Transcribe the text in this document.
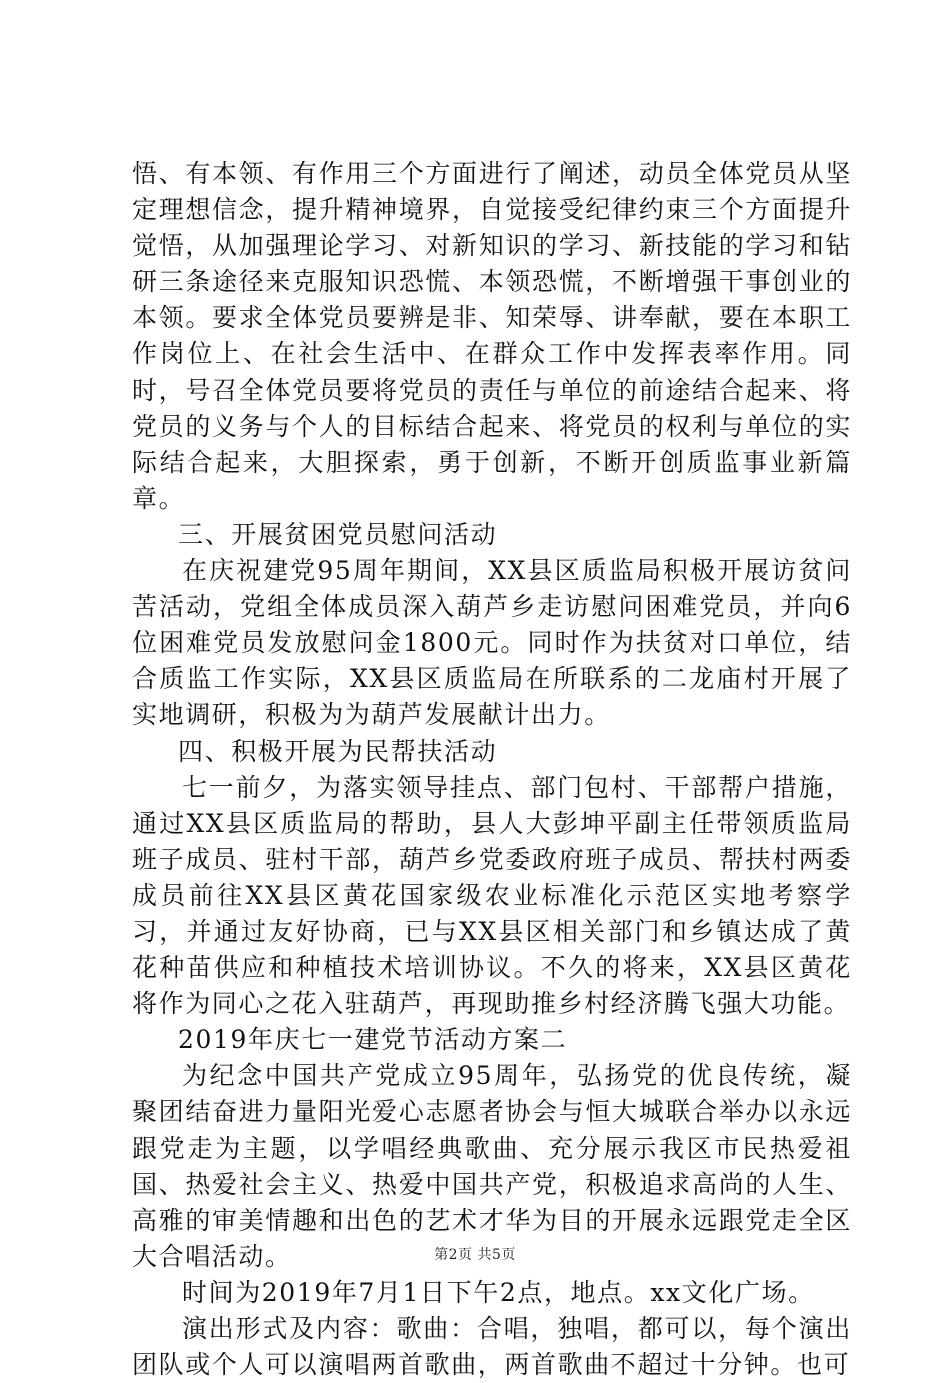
悟、有本领、有作用三个方面进行了阐述，动员全体党员从坚定理想信念，提升精神境界，自觉接受纪律约束三个方面提升觉悟，从加强理论学习、对新知识的学习、新技能的学习和钻研三条途径来克服知识恐慌、本领恐慌，不断增强干事创业的本领。要求全体党员要辨是非、知荣辱、讲奉献，要在本职工作岗位上、在社会生活中、在群众工作中发挥表率作用。同时，号召全体党员要将党员的责任与单位的前途结合起来、将党员的义务与个人的目标结合起来、将党员的权利与单位的实际结合起来，大胆探索，勇于创新，不断开创质监事业新篇章。

三、开展贫困党员慰问活动

在庆祝建党95周年期间，XX县区质监局积极开展访贫问苦活动，党组全体成员深入葫芦乡走访慰问困难党员，并向6位困难党员发放慰问金1800元。同时作为扶贫对口单位，结合质监工作实际，XX县区质监局在所联系的二龙庙村开展了实地调研，积极为为葫芦发展献计出力。

四、积极开展为民帮扶活动

七一前夕，为落实领导挂点、部门包村、干部帮户措施，通过XX县区质监局的帮助，县人大彭坤平副主任带领质监局班子成员、驻村干部，葫芦乡党委政府班子成员、帮扶村两委成员前往XX县区黄花国家级农业标准化示范区实地考察学习，并通过友好协商，已与XX县区相关部门和乡镇达成了黄花种苗供应和种植技术培训协议。不久的将来，XX县区黄花将作为同心之花入驻葫芦，再现助推乡村经济腾飞强大功能。

2019年庆七一建党节活动方案二

为纪念中国共产党成立95周年，弘扬党的优良传统，凝聚团结奋进力量阳光爱心志愿者协会与恒大城联合举办以永远跟党走为主题，以学唱经典歌曲、充分展示我区市民热爱祖国、热爱社会主义、热爱中国共产党，积极追求高尚的人生、高雅的审美情趣和出色的艺术才华为目的开展永远跟党走全区大合唱活动。

时间为2019年7月1日下午2点，地点。xx文化广场。

演出形式及内容：歌曲：合唱，独唱，都可以，每个演出团队或个人可以演唱两首歌曲，两首歌曲不超过十分钟。也可

第2页 共5页
